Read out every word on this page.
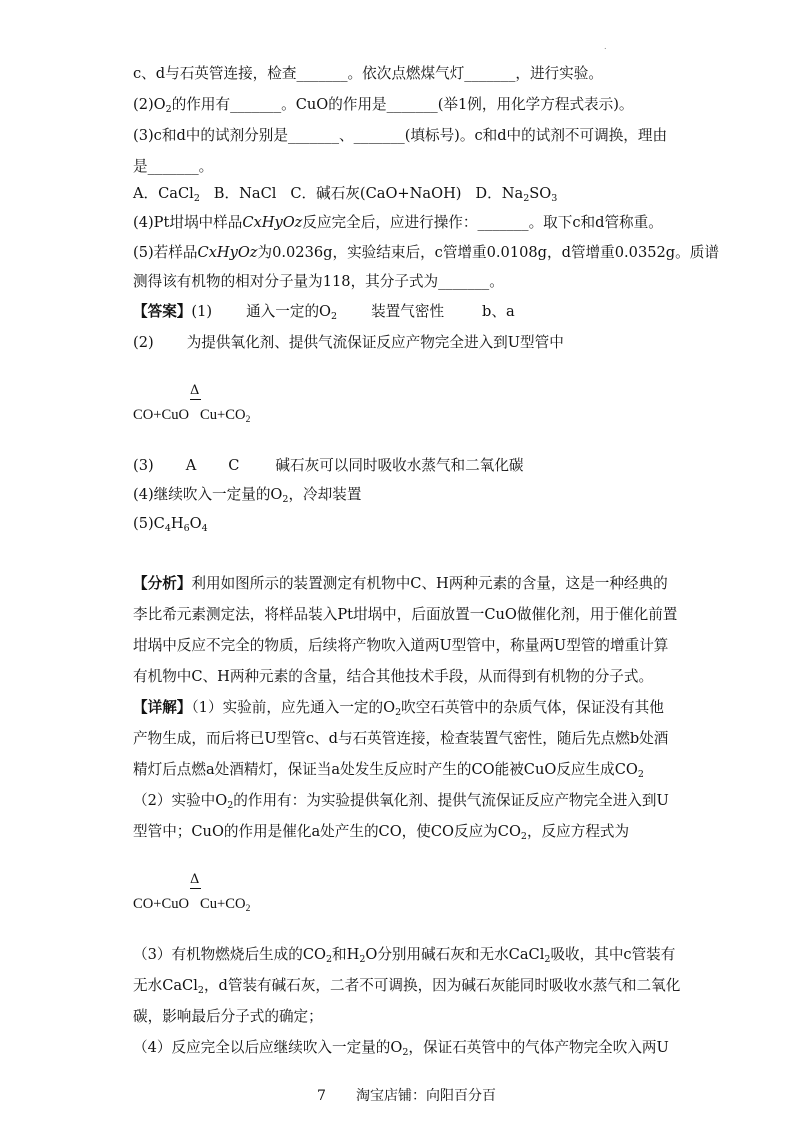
.
c、d与石英管连接，检查_______。依次点燃煤气灯_______，进行实验。
$(2)O_2$的作用有_______。CuO的作用是_______(举1例，用化学方程式表示)。
(3)c和d中的试剂分别是_______、_______(填标号)。c和d中的试剂不可调换，理由
是_______。
A．CaCl$_2$   B．NaCl   C．碱石灰(CaO+NaOH)   D．$Na_2SO_3$
(4)Pt坩埚中样品CxHyOz反应完全后，应进行操作：_______。取下c和d管称重。
(5)若样品CxHyOz为0.0236g，实验结束后，c管增重0.0108g，d管增重0.0352g。质谱
测得该有机物的相对分子量为118，其分子式为_______。
【答案】(1) 通入一定的$O_2$ 装置气密性	b、a
(2) 为提供氧化剂、提供气流保证反应产物完全进入到U型管中
Δ
CO+CuO   $Cu+CO_2$
(3) A C 碱石灰可以同时吸收水蒸气和二氧化碳
(4)继续吹入一定量的$O_2$，冷却装置
$(5)C_4H_6O_4$
【分析】利用如图所示的装置测定有机物中C、H两种元素的含量，这是一种经典的
李比希元素测定法，将样品装入Pt坩埚中，后面放置一CuO做催化剂，用于催化前置
坩埚中反应不完全的物质，后续将产物吹入道两U型管中，称量两U型管的增重计算
有机物中C、H两种元素的含量，结合其他技术手段，从而得到有机物的分子式。
【详解】（1）实验前，应先通入一定的$O_2$吹空石英管中的杂质气体，保证没有其他
产物生成，而后将已U型管c、d与石英管连接，检查装置气密性，随后先点燃b处酒
精灯后点燃a处酒精灯，保证当a处发生反应时产生的CO能被CuO反应生成$CO_2$
（2）实验中$O_2$的作用有：为实验提供氧化剂、提供气流保证反应产物完全进入到U
型管中；CuO的作用是催化a处产生的CO，使CO反应为$CO_2$，反应方程式为
Δ
CO+CuO   $Cu+CO_2$
（3）有机物燃烧后生成的$CO_2$和$H_2O$分别用碱石灰和无水CaCl$_2$吸收，其中c管装有
无水CaCl$_2$，d管装有碱石灰，二者不可调换，因为碱石灰能同时吸收水蒸气和二氧化
碳，影响最后分子式的确定；
（4）反应完全以后应继续吹入一定量的$O_2$，保证石英管中的气体产物完全吹入两U
7 淘宝店铺：向阳百分百
